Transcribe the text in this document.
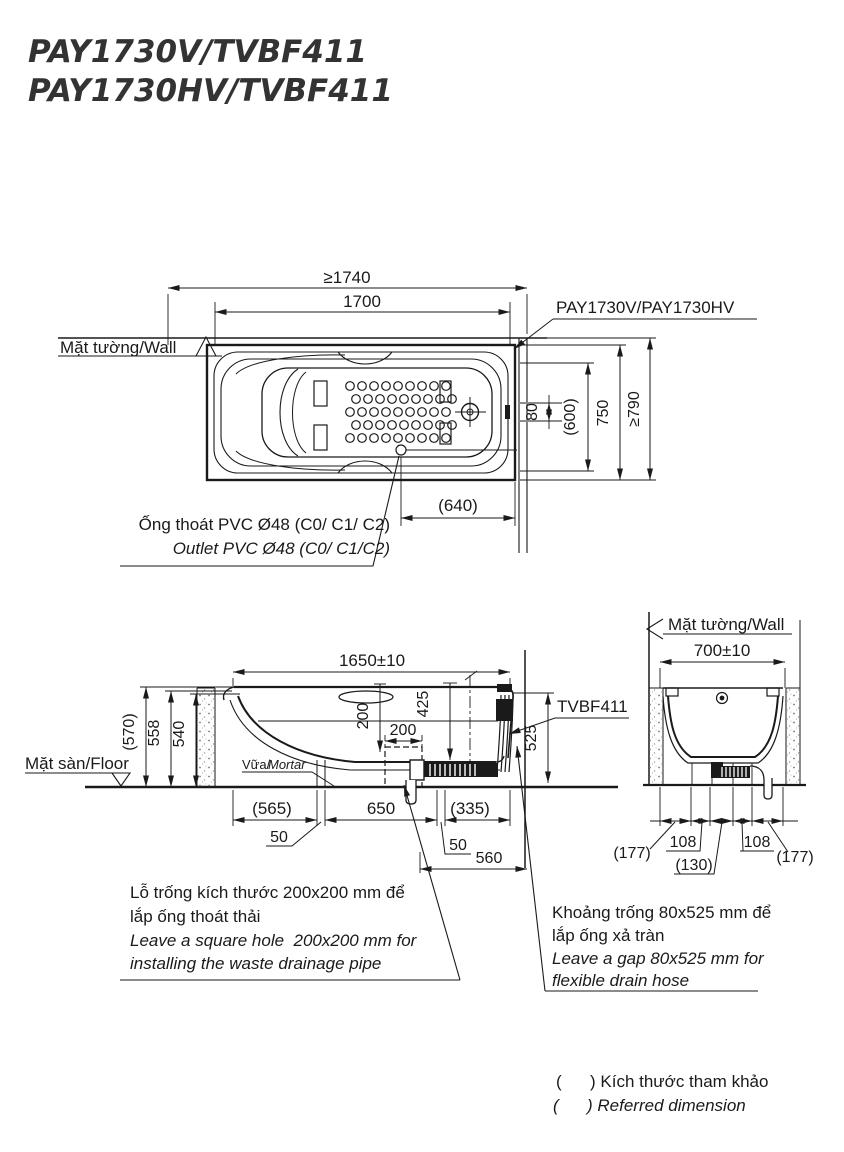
PAY1730V/TVBF411
PAY1730HV/TVBF411
Mặt tường/Wall
≥1740
1700	PAY1730V/PAY1730HV
80 (600) 750 ≥790
(640)
Ống thoát PVC Ø48 (C0/ C1/ C2)
Outlet PVC Ø48 (C0/ C1/C2)
Mặt sàn/Floor	Vữa/
Mortar
(570) 558 540
1650±10
200
200
425
525
TVBF411
(565)	650	(335)
50	50
560
Mặt tường/Wall
700±10
(177)
108
(130)
108
(177)
Lỗ trống kích thước 200x200 mm để
lắp ống thoát thải
Leave a square hole  200x200 mm for
installing the waste drainage pipe
Khoảng trống 80x525 mm để
lắp ống xả tràn
Leave a gap 80x525 mm for
flexible drain hose
(      ) Kích thước tham khảo
(      ) Referred dimension
